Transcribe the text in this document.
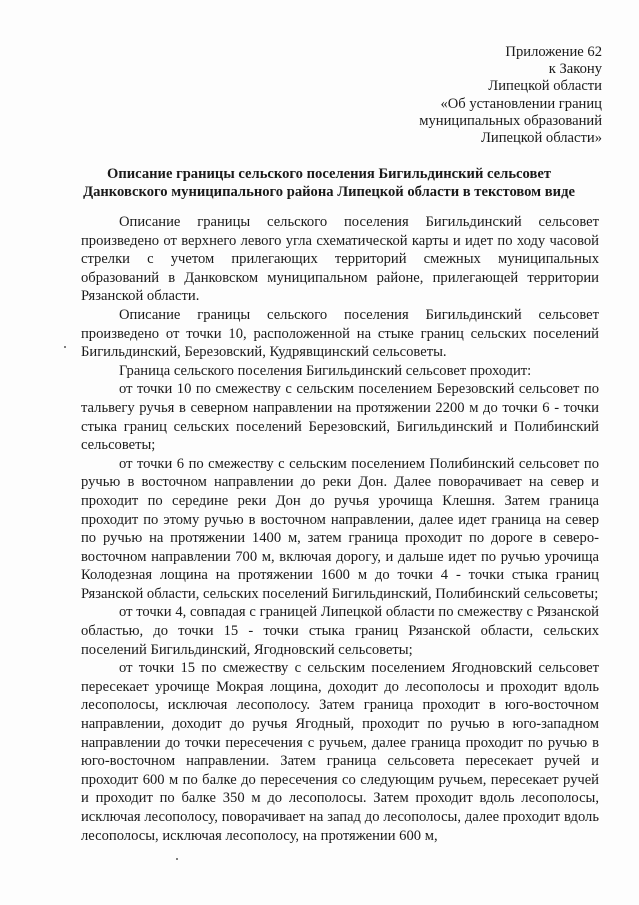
Приложение 62
к Закону
Липецкой области
«Об установлении границ
муниципальных образований
Липецкой области»
Описание границы сельского поселения Бигильдинский сельсовет
Данковского муниципального района Липецкой области в текстовом виде

Описание границы сельского поселения Бигильдинский сельсовет произведено от верхнего левого угла схематической карты и идет по ходу часовой стрелки с учетом прилегающих территорий смежных муниципальных образований в Данковском муниципальном районе, прилегающей территории Рязанской области.

Описание границы сельского поселения Бигильдинский сельсовет произведено от точки 10, расположенной на стыке границ сельских поселений Бигильдинский, Березовский, Кудрявщинский сельсоветы.

Граница сельского поселения Бигильдинский сельсовет проходит:

от точки 10 по смежеству с сельским поселением Березовский сельсовет по тальвегу ручья в северном направлении на протяжении 2200 м до точки 6 - точки стыка границ сельских поселений Березовский, Бигильдинский и Полибинский сельсоветы;

от точки 6 по смежеству с сельским поселением Полибинский сельсовет по ручью в восточном направлении до реки Дон. Далее поворачивает на север и проходит по середине реки Дон до ручья урочища Клешня. Затем граница проходит по этому ручью в восточном направлении, далее идет граница на север по ручью на протяжении 1400 м, затем граница проходит по дороге в северо-восточном направлении 700 м, включая дорогу, и дальше идет по ручью урочища Колодезная лощина на протяжении 1600 м до точки 4 - точки стыка границ Рязанской области, сельских поселений Бигильдинский, Полибинский сельсоветы;

от точки 4, совпадая с границей Липецкой области по смежеству с Рязанской областью, до точки 15 - точки стыка границ Рязанской области, сельских поселений Бигильдинский, Ягодновский сельсоветы;

от точки 15 по смежеству с сельским поселением Ягодновский сельсовет пересекает урочище Мокрая лощина, доходит до лесополосы и проходит вдоль лесополосы, исключая лесополосу. Затем граница проходит в юго-восточном направлении, доходит до ручья Ягодный, проходит по ручью в юго-западном направлении до точки пересечения с ручьем, далее граница проходит по ручью в юго-восточном направлении. Затем граница сельсовета пересекает ручей и проходит 600 м по балке до пересечения со следующим ручьем, пересекает ручей и проходит по балке 350 м до лесополосы. Затем проходит вдоль лесополосы, исключая лесополосу, поворачивает на запад до лесополосы, далее проходит вдоль лесополосы, исключая лесополосу, на протяжении 600 м,
